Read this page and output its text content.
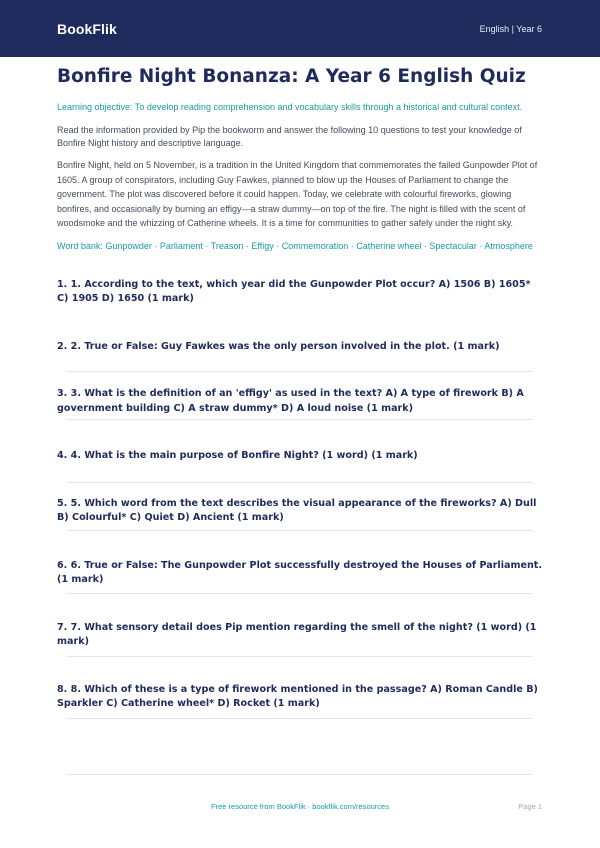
BookFlik	English | Year 6
Bonfire Night Bonanza: A Year 6 English Quiz

Learning objective: To develop reading comprehension and vocabulary skills through a historical and cultural context.

Read the information provided by Pip the bookworm and answer the following 10 questions to test your knowledge of Bonfire Night history and descriptive language.

Bonfire Night, held on 5 November, is a tradition in the United Kingdom that commemorates the failed Gunpowder Plot of 1605. A group of conspirators, including Guy Fawkes, planned to blow up the Houses of Parliament to change the government. The plot was discovered before it could happen. Today, we celebrate with colourful fireworks, glowing bonfires, and occasionally by burning an effigy—a straw dummy—on top of the fire. The night is filled with the scent of woodsmoke and the whizzing of Catherine wheels. It is a time for communities to gather safely under the night sky.

Word bank: Gunpowder · Parliament · Treason · Effigy · Commemoration · Catherine wheel · Spectacular · Atmosphere

1. 1. According to the text, which year did the Gunpowder Plot occur? A) 1506 B) 1605* C) 1905 D) 1650 (1 mark)

2. 2. True or False: Guy Fawkes was the only person involved in the plot. (1 mark)

3. 3. What is the definition of an 'effigy' as used in the text? A) A type of firework B) A government building C) A straw dummy* D) A loud noise (1 mark)

4. 4. What is the main purpose of Bonfire Night? (1 word) (1 mark)

5. 5. Which word from the text describes the visual appearance of the fireworks? A) Dull B) Colourful* C) Quiet D) Ancient (1 mark)

6. 6. True or False: The Gunpowder Plot successfully destroyed the Houses of Parliament. (1 mark)

7. 7. What sensory detail does Pip mention regarding the smell of the night? (1 word) (1 mark)

8. 8. Which of these is a type of firework mentioned in the passage? A) Roman Candle B) Sparkler C) Catherine wheel* D) Rocket (1 mark)

Free resource from BookFlik · bookflik.com/resources	Page 1
